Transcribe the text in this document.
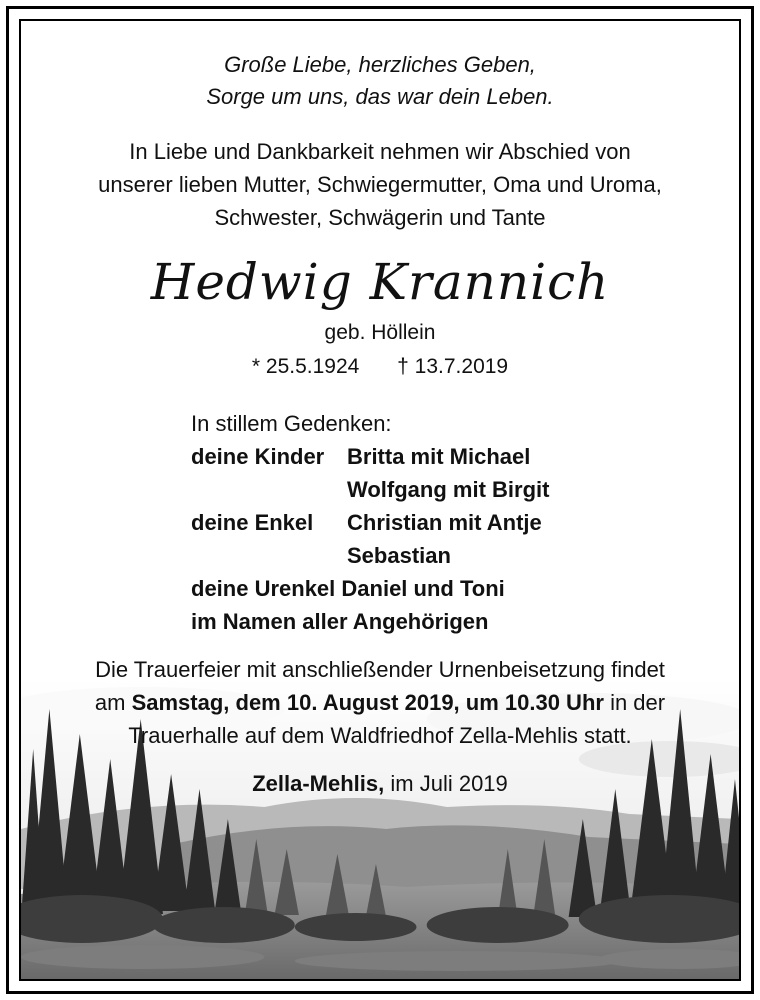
Große Liebe, herzliches Geben,
Sorge um uns, das war dein Leben.
In Liebe und Dankbarkeit nehmen wir Abschied von
unserer lieben Mutter, Schwiegermutter, Oma und Uroma,
Schwester, Schwägerin und Tante
Hedwig Krannich
geb. Höllein
* 25.5.1924 † 13.7.2019
In stillem Gedenken:
deine Kinder	Britta mit Michael
Wolfgang mit Birgit
deine Enkel	Christian mit Antje
Sebastian
deine Urenkel Daniel und Toni
im Namen aller Angehörigen
Die Trauerfeier mit anschließender Urnenbeisetzung findet
am Samstag, dem 10. August 2019, um 10.30 Uhr in der
Trauerhalle auf dem Waldfriedhof Zella-Mehlis statt.
Zella-Mehlis, im Juli 2019
